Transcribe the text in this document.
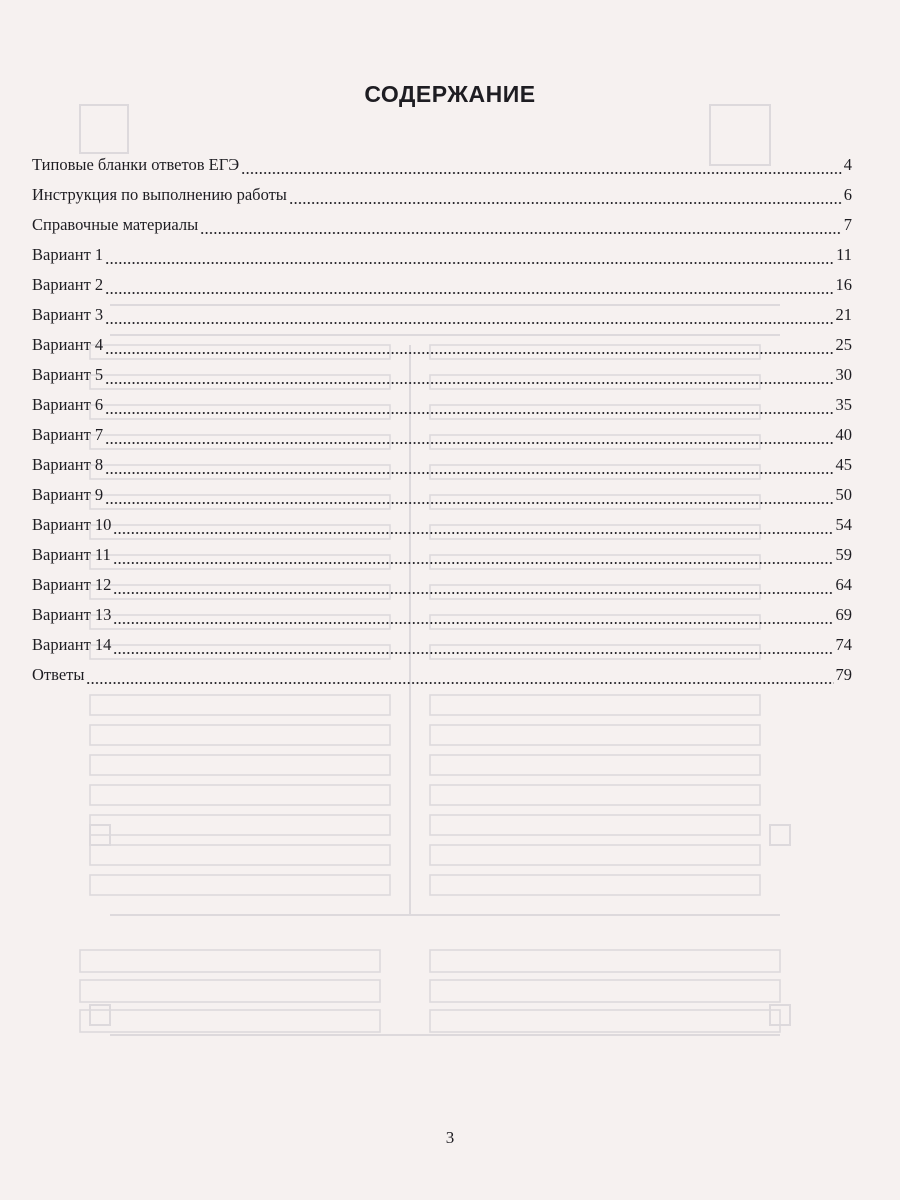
СОДЕРЖАНИЕ
Типовые бланки ответов ЕГЭ	4
Инструкция по выполнению работы	6
Справочные материалы	7
Вариант 1	11
Вариант 2	16
Вариант 3	21
Вариант 4	25
Вариант 5	30
Вариант 6	35
Вариант 7	40
Вариант 8	45
Вариант 9	50
Вариант 10	54
Вариант 11	59
Вариант 12	64
Вариант 13	69
Вариант 14	74
Ответы	79
3
